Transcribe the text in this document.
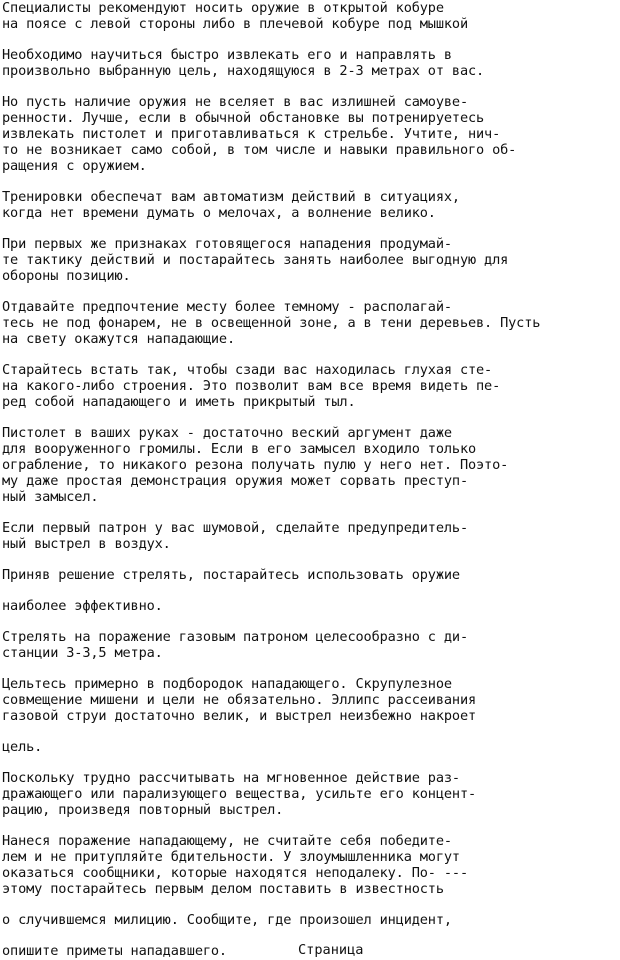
Специалисты рекомендуют носить оружие в открытой кобуре
на поясе с левой стороны либо в плечевой кобуре под мышкой
Необходимо научиться быстро извлекать его и направлять в
произвольно выбранную цель, находящуюся в 2-3 метрах от вас.
Но пусть наличие оружия не вселяет в вас излишней самоуве-
ренности. Лучше, если в обычной обстановке вы потренируетесь
извлекать пистолет и приготавливаться к стрельбе. Учтите, нич-
то не возникает само собой, в том числе и навыки правильного об-
ращения с оружием.
Тренировки обеспечат вам автоматизм действий в ситуациях,
когда нет времени думать о мелочах, а волнение велико.
При первых же признаках готовящегося нападения продумай-
те тактику действий и постарайтесь занять наиболее выгодную для
обороны позицию.
Отдавайте предпочтение месту более темному - располагай-
тесь не под фонарем, не в освещенной зоне, а в тени деревьев. Пусть
на свету окажутся нападающие.
Старайтесь встать так, чтобы сзади вас находилась глухая сте-
на какого-либо строения. Это позволит вам все время видеть пе-
ред собой нападающего и иметь прикрытый тыл.
Пистолет в ваших руках - достаточно веский аргумент даже
для вооруженного громилы. Если в его замысел входило только
ограбление, то никакого резона получать пулю у него нет. Поэто-
му даже простая демонстрация оружия может сорвать преступ-
ный замысел.
Если первый патрон у вас шумовой, сделайте предупредитель-
ный выстрел в воздух.
Приняв решение стрелять, постарайтесь использовать оружие
наиболее эффективно.
Стрелять на поражение газовым патроном целесообразно с ди-
станции 3-3,5 метра.
Цельтесь примерно в подбородок нападающего. Скрупулезное
совмещение мишени и цели не обязательно. Эллипс рассеивания
газовой струи достаточно велик, и выстрел неизбежно накроет
цель.
Поскольку трудно рассчитывать на мгновенное действие раз-
дражающего или парализующего вещества, усильте его концент-
рацию, произведя повторный выстрел.
Нанеся поражение нападающему, не считайте себя победите-
лем и не притупляйте бдительности. У злоумышленника могут
оказаться сообщники, которые находятся неподалеку. По- ---
этому постарайтесь первым делом поставить в известность
о случившемся милицию. Сообщите, где произошел инцидент,
опишите приметы нападавшего.	Страница
